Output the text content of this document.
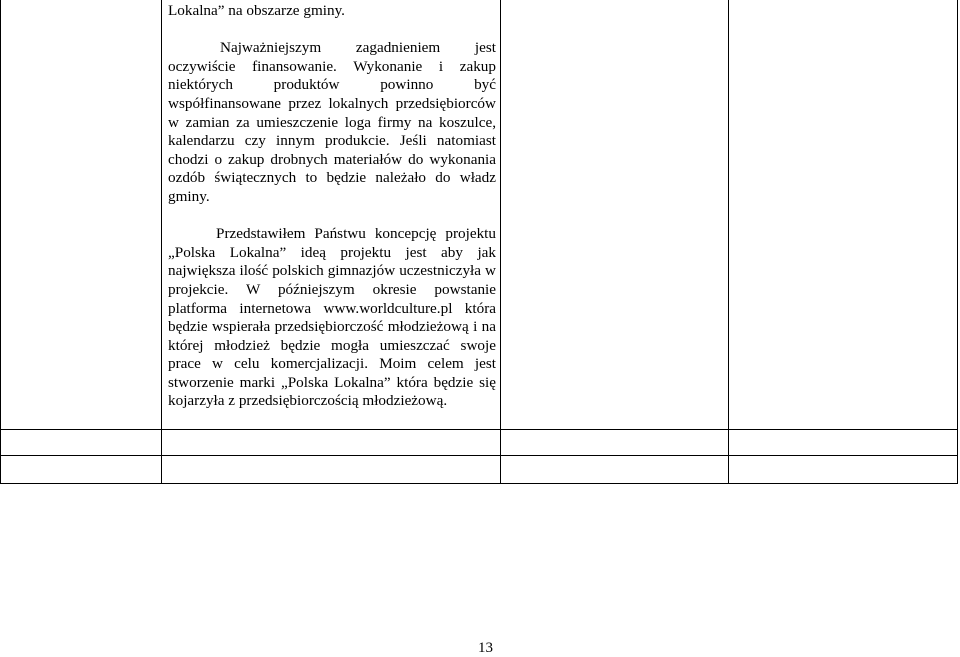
Lokalna” na obszarze gminy.

Najważniejszym zagadnieniem jest oczywiście finansowanie. Wykonanie i zakup niektórych produktów powinno być współfinansowane przez lokalnych przedsiębiorców w zamian za umieszczenie loga firmy na koszulce, kalendarzu czy innym produkcie. Jeśli natomiast chodzi o zakup drobnych materiałów do wykonania ozdób świątecznych to będzie należało do władz gminy.

Przedstawiłem Państwu koncepcję projektu „Polska Lokalna” ideą projektu jest aby jak największa ilość polskich gimnazjów uczestniczyła w projekcie. W późniejszym okresie powstanie platforma internetowa www.worldculture.pl która będzie wspierała przedsiębiorczość młodzieżową i na której młodzież będzie mogła umieszczać swoje prace w celu komercjalizacji. Moim celem jest stworzenie marki „Polska Lokalna” która będzie się kojarzyła z przedsiębiorczością młodzieżową.

13
